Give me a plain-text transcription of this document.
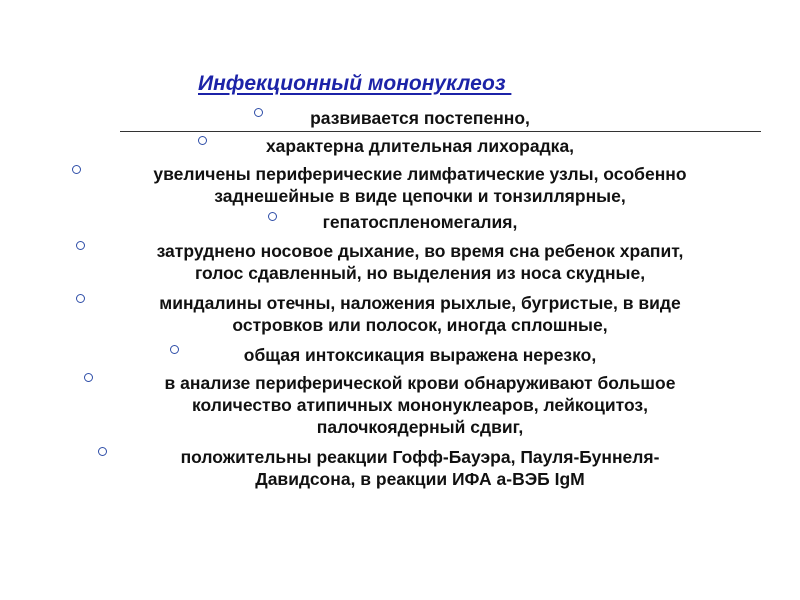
Инфекционный мононуклеоз
развивается постепенно,
характерна длительная лихорадка,
увеличены периферические лимфатические узлы, особенно
заднешейные в виде цепочки и тонзиллярные,
гепатоспленомегалия,
затруднено носовое дыхание, во время сна ребенок храпит,
голос сдавленный, но выделения из носа скудные,
миндалины отечны, наложения рыхлые, бугристые, в виде
островков или полосок, иногда сплошные,
общая интоксикация выражена нерезко,
в анализе периферической крови обнаруживают большое
количество атипичных мононуклеаров, лейкоцитоз,
палочкоядерный сдвиг,
положительны реакции Гофф-Бауэра, Пауля-Буннеля-
Давидсона, в реакции ИФА а-ВЭБ IgM
